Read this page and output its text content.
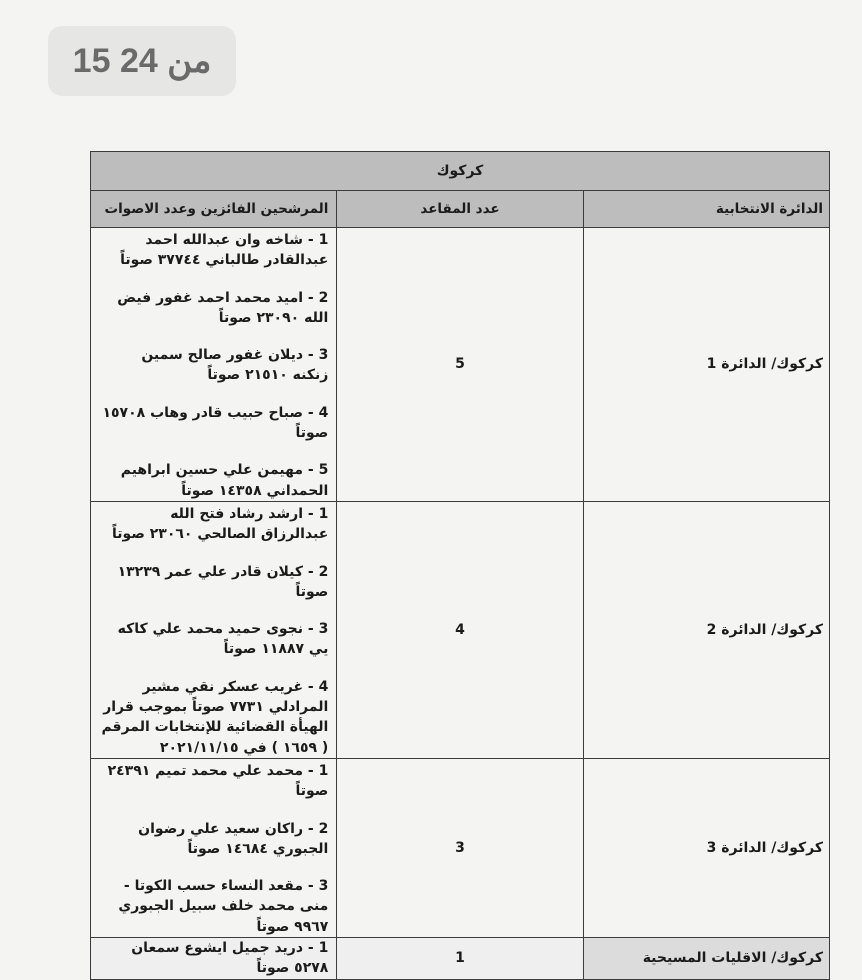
15 من 24
كركوك		
الدائرة الانتخابية	عدد المقاعد	المرشحين الفائزين وعدد الاصوات
كركوك/ الدائرة 1	5	1 - شاخه وان عبدالله احمد عبدالقادر طالباني ٣٧٧٤٤ صوتاً
2 - اميد محمد احمد غفور فيض الله ٢٣٠٩٠ صوتاً
3 - ديلان غفور صالح سمين زنكنه ٢١٥١٠ صوتاً
4 - صباح حبيب قادر وهاب ١٥٧٠٨ صوتاً
5 - مهيمن علي حسين ابراهيم الحمداني ١٤٣٥٨ صوتاً

كركوك/ الدائرة 2	4	1 - ارشد رشاد فتح الله عبدالرزاق الصالحي ٢٣٠٦٠ صوتاً
2 - كيلان قادر علي عمر ١٣٢٣٩ صوتاً
3 - نجوى حميد محمد علي كاكه يي ١١٨٨٧ صوتاً
4 - غريب عسكر نقي مشير المرادلي ٧٧٣١ صوتاً بموجب قرار الهيأة القضائية للإنتخابات المرقم ( ١٦٥٩ ) في ٢٠٢١/١١/١٥

كركوك/ الدائرة 3	3	1 - محمد علي محمد تميم ٢٤٣٩١ صوتاً
2 - راكان سعيد علي رضوان الجبوري ١٤٦٨٤ صوتاً
3 - مقعد النساء حسب الكوتا - منى محمد خلف سبيل الجبوري ٩٩٦٧ صوتاً

كركوك/ الاقليات المسيحية	1	1 - دريد جميل ايشوع سمعان ٥٢٧٨ صوتاً
